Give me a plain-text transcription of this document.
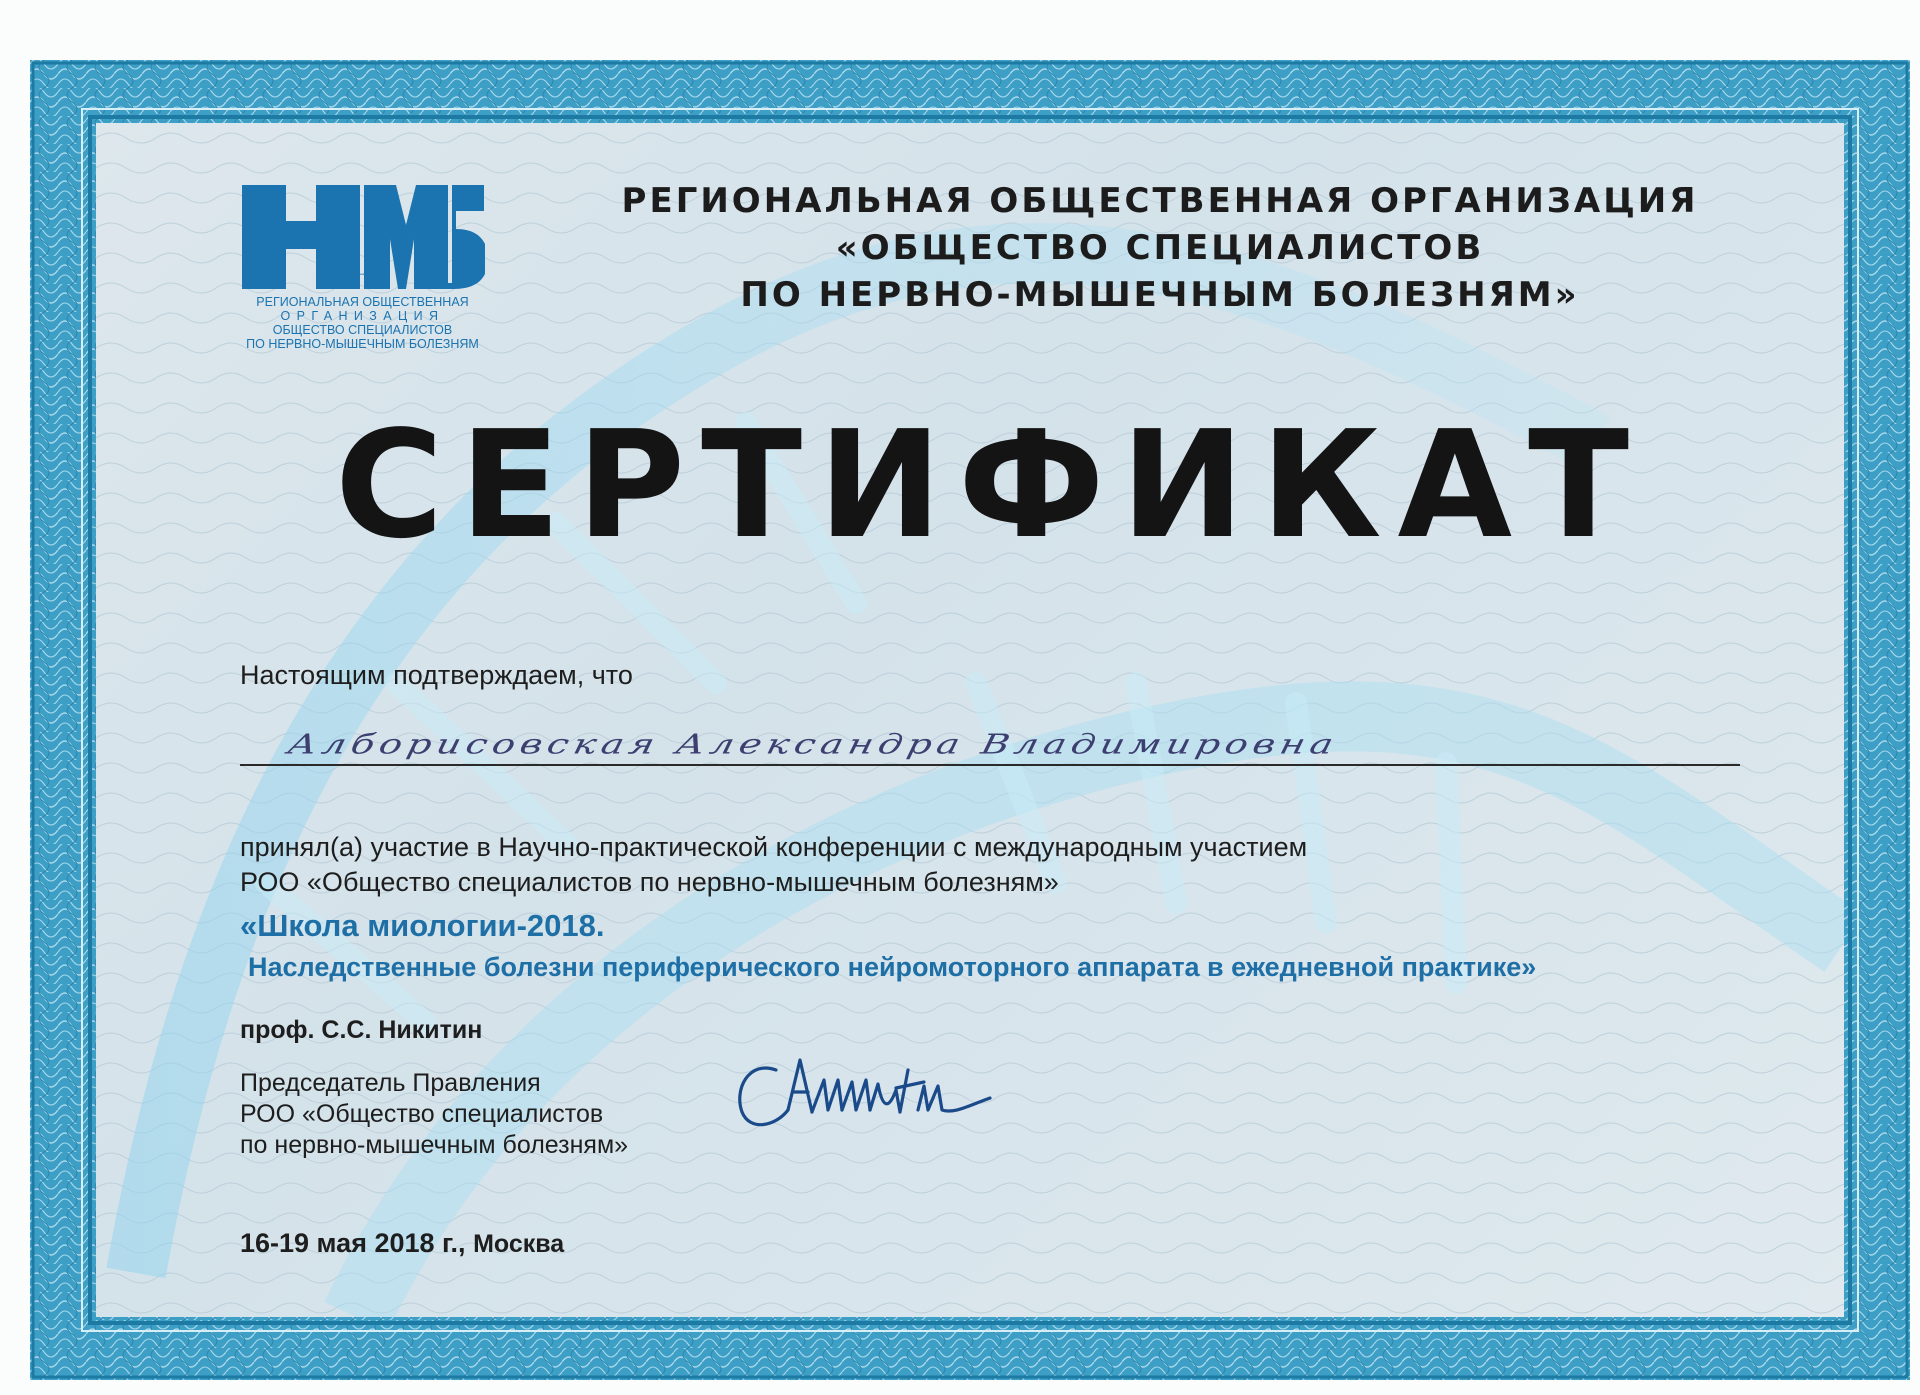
НМБ
РЕГИОНАЛЬНАЯ ОБЩЕСТВЕННАЯ
ОРГАНИЗАЦИЯ
ОБЩЕСТВО СПЕЦИАЛИСТОВ
ПО НЕРВНО-МЫШЕЧНЫМ БОЛЕЗНЯМ
РЕГИОНАЛЬНАЯ ОБЩЕСТВЕННАЯ ОРГАНИЗАЦИЯ
«ОБЩЕСТВО СПЕЦИАЛИСТОВ
ПО НЕРВНО-МЫШЕЧНЫМ БОЛЕЗНЯМ»
СЕРТИФИКАТ
Настоящим подтверждаем, что
Алборисовская Александра Владимировна
принял(а) участие в Научно-практической конференции с международным участием
РОО «Общество специалистов по нервно-мышечным болезням»
«Школа миологии-2018.
Наследственные болезни периферического нейромоторного аппарата в ежедневной практике»
проф. С.С. Никитин
Председатель Правления
РОО «Общество специалистов
по нервно-мышечным болезням»
16-19 мая 2018 г., Москва
